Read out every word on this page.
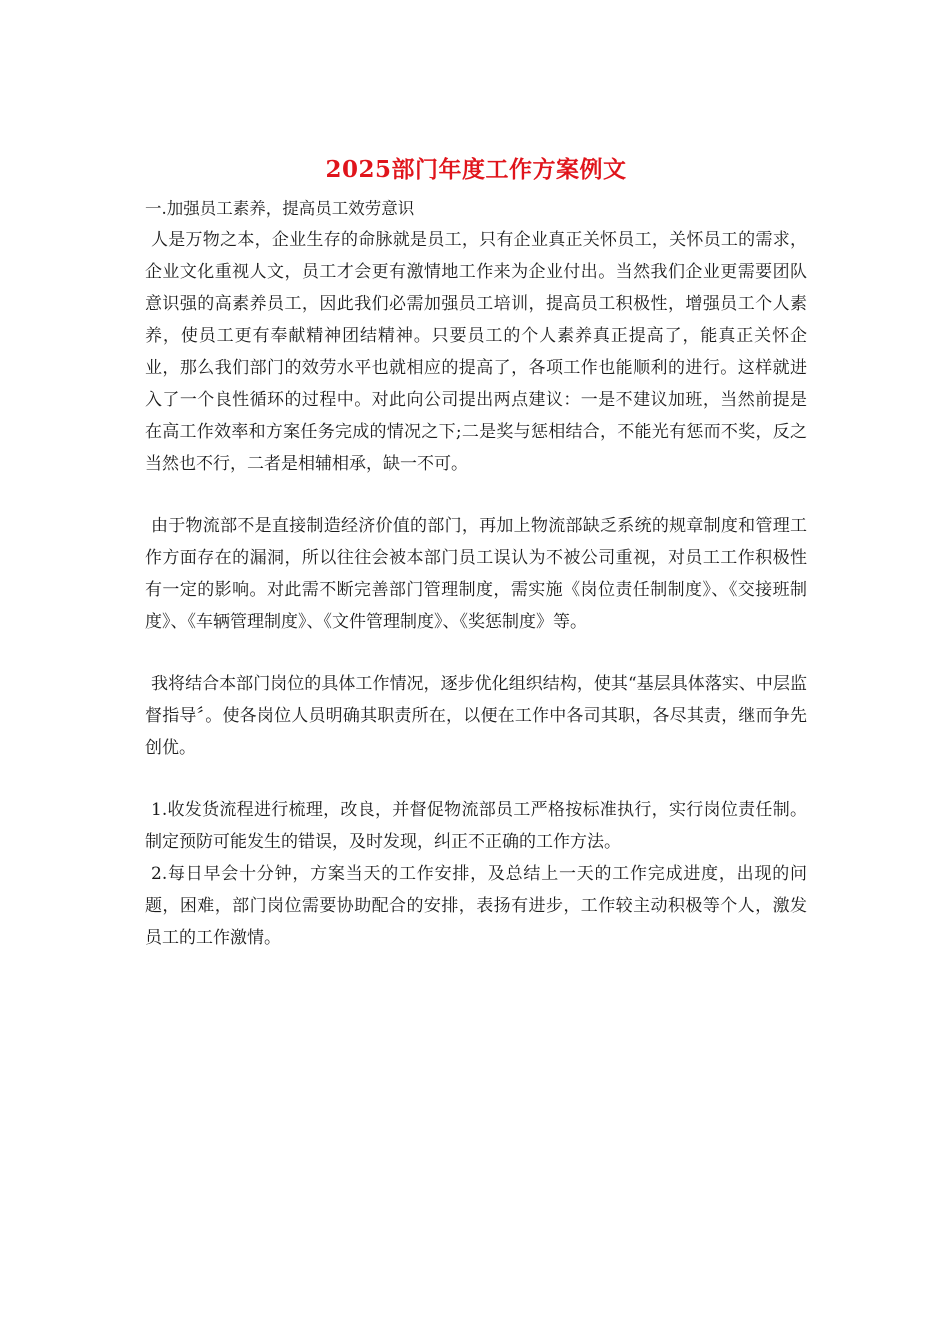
2025部门年度工作方案例文

一.加强员工素养，提高员工效劳意识

人是万物之本，企业生存的命脉就是员工，只有企业真正关怀员工，关怀员工的需求，企业文化重视人文，员工才会更有激情地工作来为企业付出。当然我们企业更需要团队意识强的高素养员工，因此我们必需加强员工培训，提高员工积极性，增强员工个人素养，使员工更有奉献精神团结精神。只要员工的个人素养真正提高了，能真正关怀企业，那么我们部门的效劳水平也就相应的提高了，各项工作也能顺利的进行。这样就进入了一个良性循环的过程中。对此向公司提出两点建议：一是不建议加班，当然前提是在高工作效率和方案任务完成的情况之下;二是奖与惩相结合，不能光有惩而不奖，反之当然也不行，二者是相辅相承，缺一不可。

由于物流部不是直接制造经济价值的部门，再加上物流部缺乏系统的规章制度和管理工作方面存在的漏洞，所以往往会被本部门员工误认为不被公司重视，对员工工作积极性有一定的影响。对此需不断完善部门管理制度，需实施《岗位责任制制度》、《交接班制度》、《车辆管理制度》、《文件管理制度》、《奖惩制度》等。

我将结合本部门岗位的具体工作情况，逐步优化组织结构，使其“基层具体落实、中层监督指导〞。使各岗位人员明确其职责所在，以便在工作中各司其职，各尽其责，继而争先创优。

1.收发货流程进行梳理，改良，并督促物流部员工严格按标准执行，实行岗位责任制。制定预防可能发生的错误，及时发现，纠正不正确的工作方法。

2.每日早会十分钟，方案当天的工作安排，及总结上一天的工作完成进度，出现的问题，困难，部门岗位需要协助配合的安排，表扬有进步，工作较主动积极等个人，激发员工的工作激情。
